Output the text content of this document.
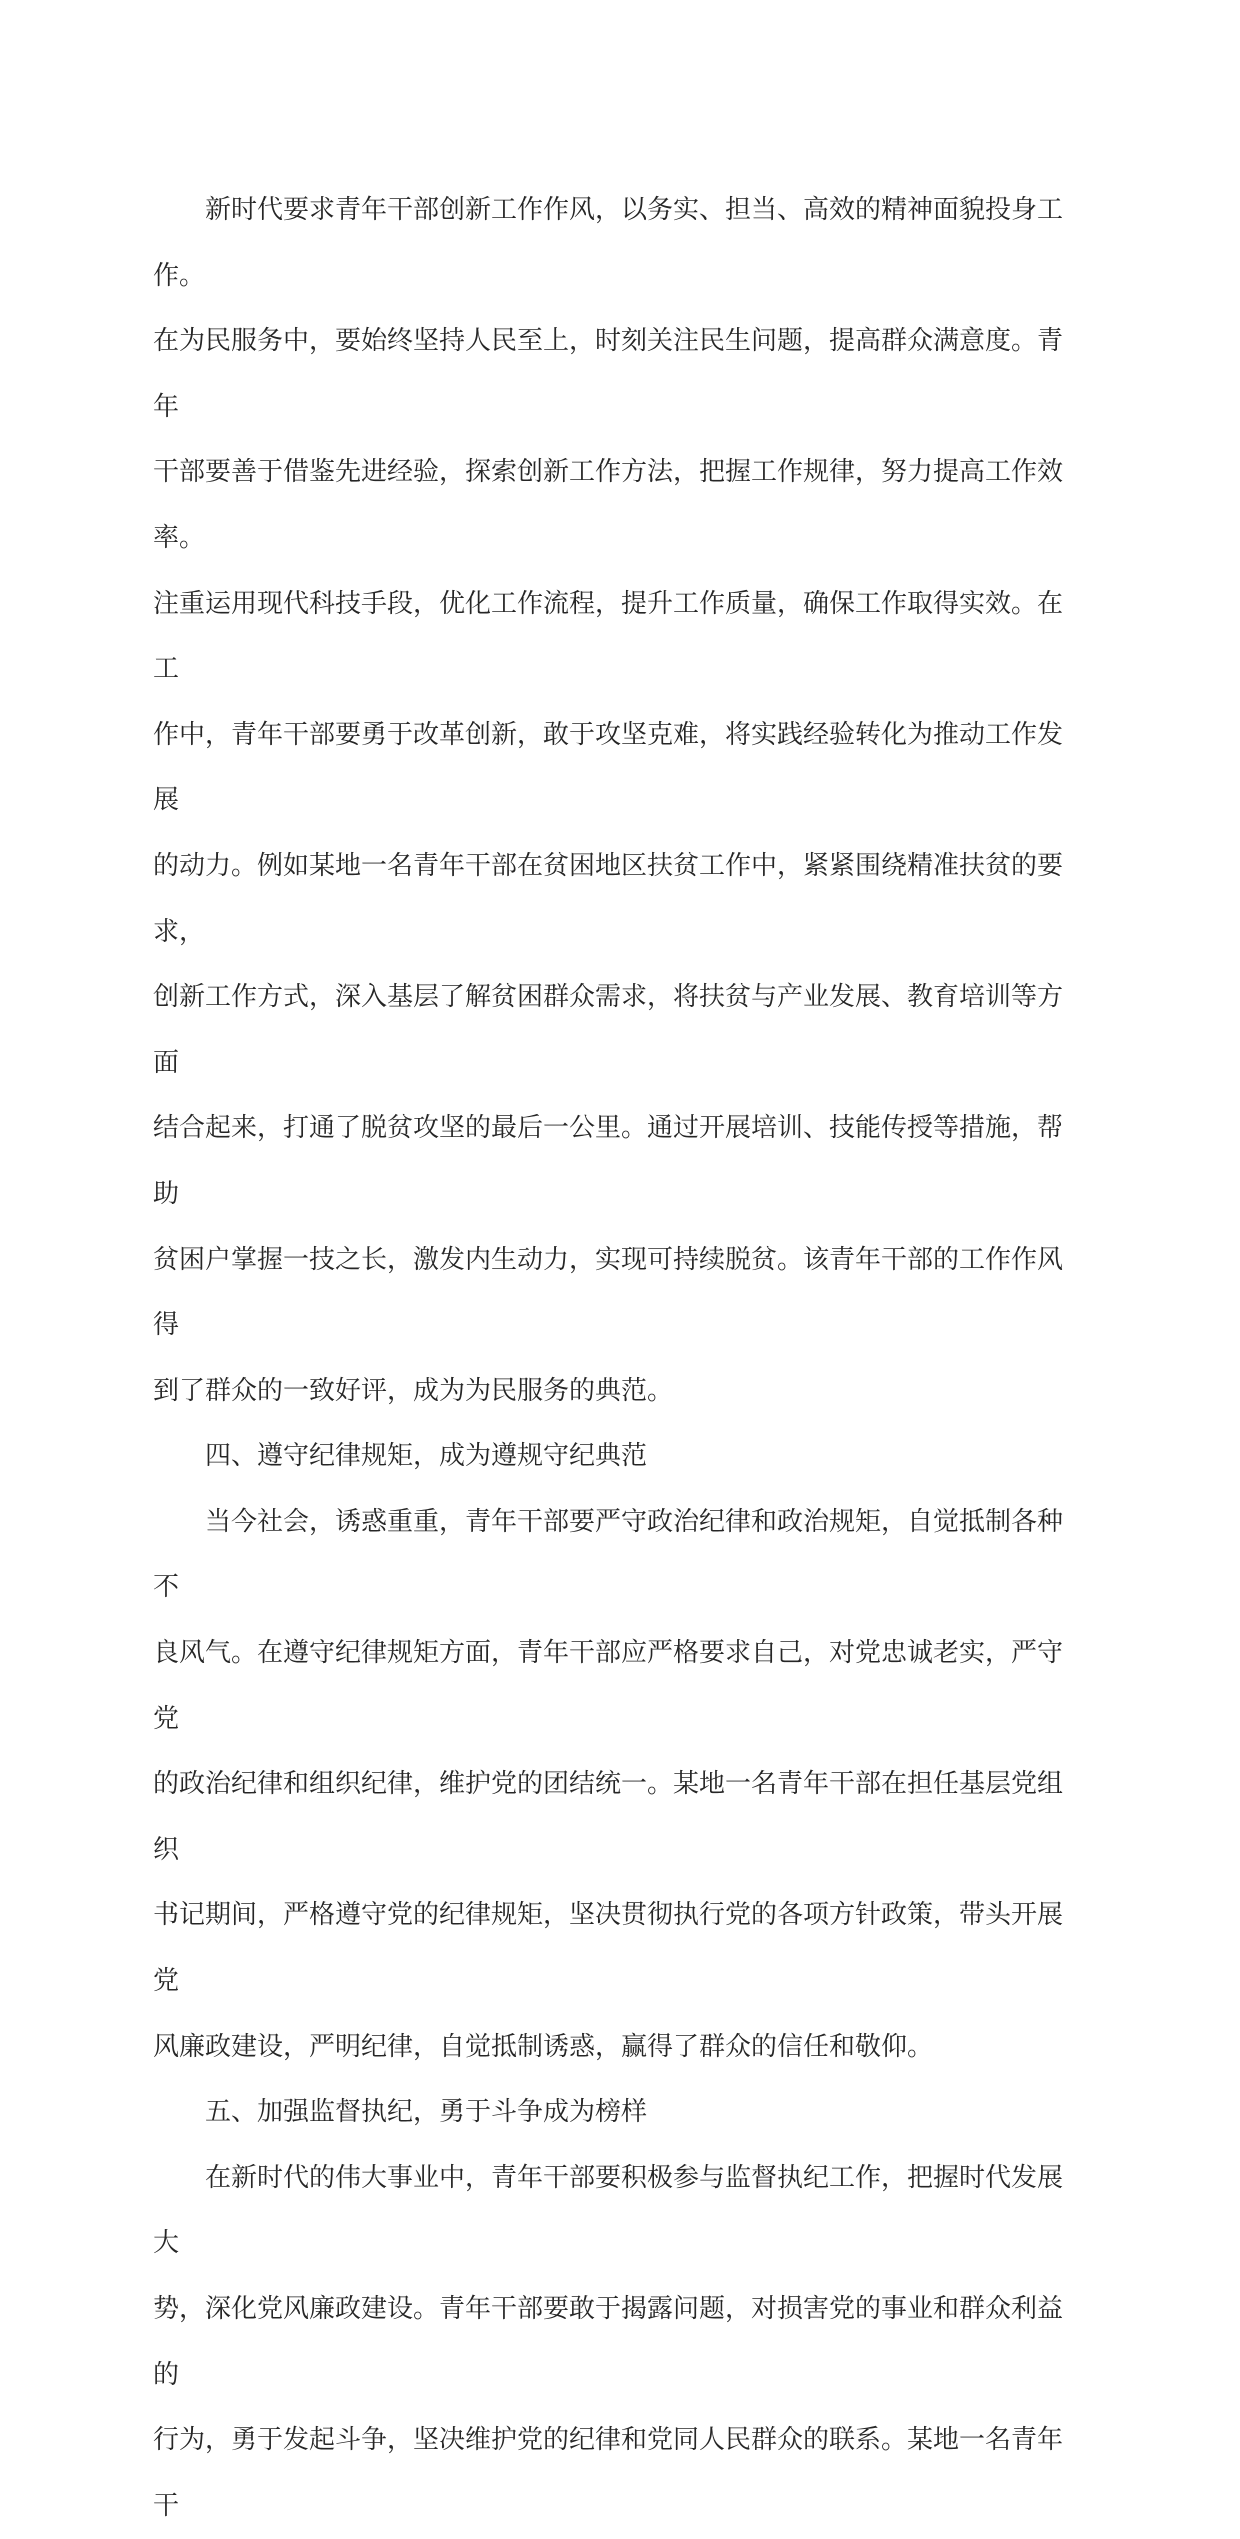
新时代要求青年干部创新工作作风，以务实、担当、高效的精神面貌投身工作。
在为民服务中，要始终坚持人民至上，时刻关注民生问题，提高群众满意度。青年
干部要善于借鉴先进经验，探索创新工作方法，把握工作规律，努力提高工作效率。
注重运用现代科技手段，优化工作流程，提升工作质量，确保工作取得实效。在工
作中，青年干部要勇于改革创新，敢于攻坚克难，将实践经验转化为推动工作发展
的动力。例如某地一名青年干部在贫困地区扶贫工作中，紧紧围绕精准扶贫的要求，
创新工作方式，深入基层了解贫困群众需求，将扶贫与产业发展、教育培训等方面
结合起来，打通了脱贫攻坚的最后一公里。通过开展培训、技能传授等措施，帮助
贫困户掌握一技之长，激发内生动力，实现可持续脱贫。该青年干部的工作作风得
到了群众的一致好评，成为为民服务的典范。

四、遵守纪律规矩，成为遵规守纪典范

当今社会，诱惑重重，青年干部要严守政治纪律和政治规矩，自觉抵制各种不
良风气。在遵守纪律规矩方面，青年干部应严格要求自己，对党忠诚老实，严守党
的政治纪律和组织纪律，维护党的团结统一。某地一名青年干部在担任基层党组织
书记期间，严格遵守党的纪律规矩，坚决贯彻执行党的各项方针政策，带头开展党
风廉政建设，严明纪律，自觉抵制诱惑，赢得了群众的信任和敬仰。

五、加强监督执纪，勇于斗争成为榜样

在新时代的伟大事业中，青年干部要积极参与监督执纪工作，把握时代发展大
势，深化党风廉政建设。青年干部要敢于揭露问题，对损害党的事业和群众利益的
行为，勇于发起斗争，坚决维护党的纪律和党同人民群众的联系。某地一名青年干
